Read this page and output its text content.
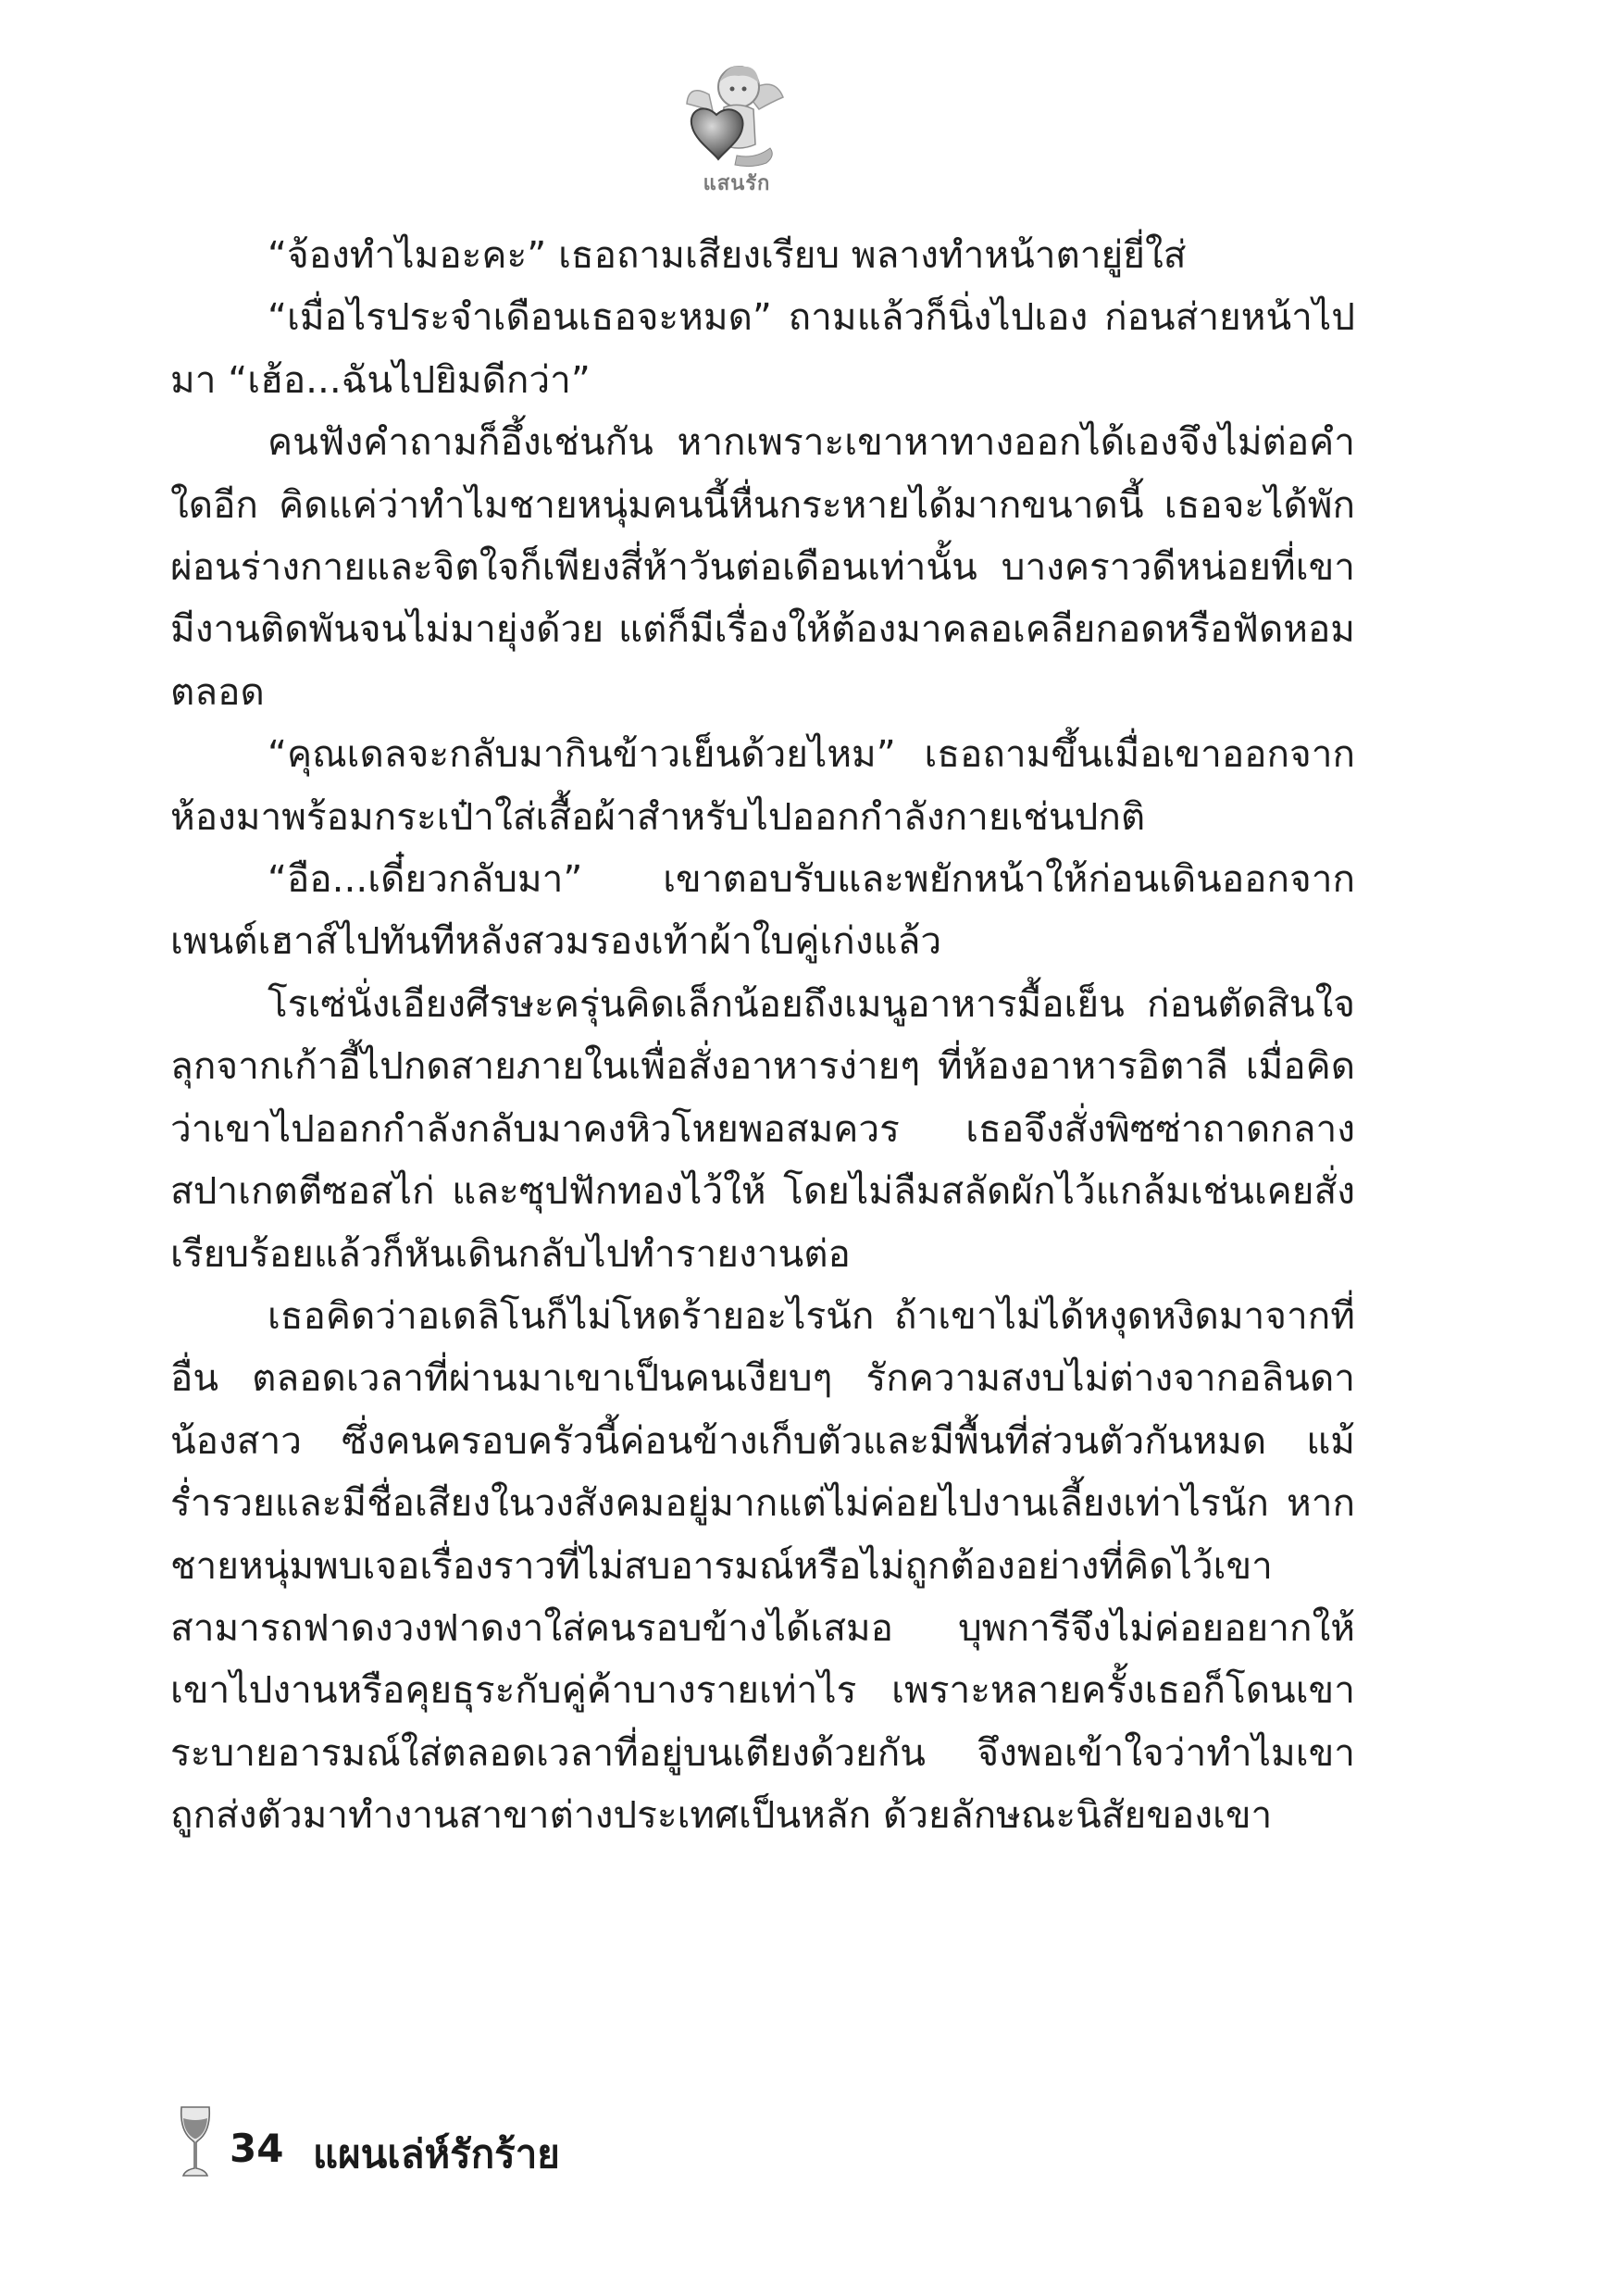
แสนรัก

“จ้องทำไมอะคะ” เธอถามเสียงเรียบ พลางทำหน้าตายู่ยี่ใส่

“เมื่อไรประจำเดือนเธอจะหมด” ถามแล้วก็นิ่งไปเอง ก่อนส่ายหน้าไปมา “เฮ้อ...ฉันไปยิมดีกว่า”

คนฟังคำถามก็อึ้งเช่นกัน หากเพราะเขาหาทางออกได้เองจึงไม่ต่อคำใดอีก คิดแค่ว่าทำไมชายหนุ่มคนนี้หื่นกระหายได้มากขนาดนี้ เธอจะได้พักผ่อนร่างกายและจิตใจก็เพียงสี่ห้าวันต่อเดือนเท่านั้น บางคราวดีหน่อยที่เขามีงานติดพันจนไม่มายุ่งด้วย แต่ก็มีเรื่องให้ต้องมาคลอเคลียกอดหรือฟัดหอมตลอด

“คุณเดลจะกลับมากินข้าวเย็นด้วยไหม” เธอถามขึ้นเมื่อเขาออกจากห้องมาพร้อมกระเป๋าใส่เสื้อผ้าสำหรับไปออกกำลังกายเช่นปกติ

“อือ...เดี๋ยวกลับมา” เขาตอบรับและพยักหน้าให้ก่อนเดินออกจากเพนต์เฮาส์ไปทันทีหลังสวมรองเท้าผ้าใบคู่เก่งแล้ว

โรเซ่นั่งเอียงศีรษะครุ่นคิดเล็กน้อยถึงเมนูอาหารมื้อเย็น ก่อนตัดสินใจลุกจากเก้าอี้ไปกดสายภายในเพื่อสั่งอาหารง่ายๆ ที่ห้องอาหารอิตาลี เมื่อคิดว่าเขาไปออกกำลังกลับมาคงหิวโหยพอสมควร เธอจึงสั่งพิซซ่าถาดกลางสปาเกตตีซอสไก่ และซุปฟักทองไว้ให้ โดยไม่ลืมสลัดผักไว้แกล้มเช่นเคยสั่ง เรียบร้อยแล้วก็หันเดินกลับไปทำรายงานต่อ

เธอคิดว่าอเดลิโนก็ไม่โหดร้ายอะไรนัก ถ้าเขาไม่ได้หงุดหงิดมาจากที่อื่น ตลอดเวลาที่ผ่านมาเขาเป็นคนเงียบๆ รักความสงบไม่ต่างจากอลินดาน้องสาว ซึ่งคนครอบครัวนี้ค่อนข้างเก็บตัวและมีพื้นที่ส่วนตัวกันหมด แม้ร่ำรวยและมีชื่อเสียงในวงสังคมอยู่มากแต่ไม่ค่อยไปงานเลี้ยงเท่าไรนัก หากชายหนุ่มพบเจอเรื่องราวที่ไม่สบอารมณ์หรือไม่ถูกต้องอย่างที่คิดไว้เขาสามารถฟาดงวงฟาดงาใส่คนรอบข้างได้เสมอ บุพการีจึงไม่ค่อยอยากให้เขาไปงานหรือคุยธุระกับคู่ค้าบางรายเท่าไร เพราะหลายครั้งเธอก็โดนเขาระบายอารมณ์ใส่ตลอดเวลาที่อยู่บนเตียงด้วยกัน จึงพอเข้าใจว่าทำไมเขาถูกส่งตัวมาทำงานสาขาต่างประเทศเป็นหลัก ด้วยลักษณะนิสัยของเขา

34 แผนเล่ห์รักร้าย
